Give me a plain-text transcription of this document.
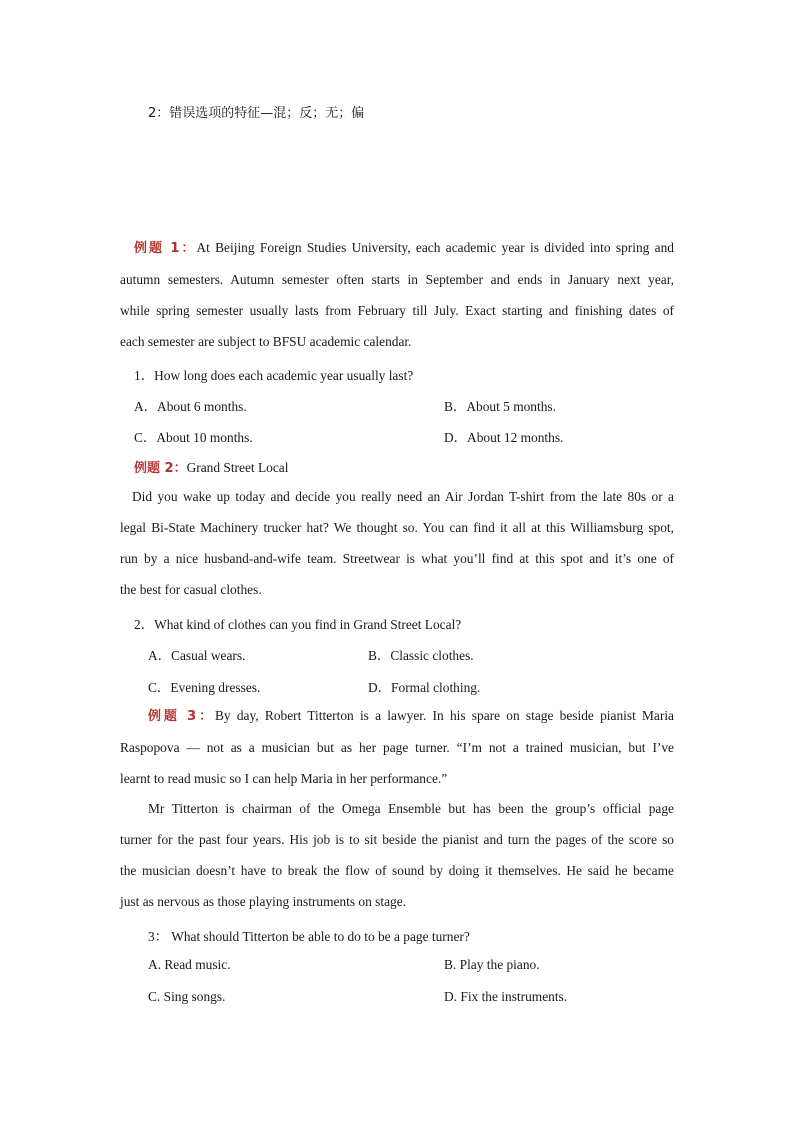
2：错误选项的特征—混；反；无；偏
例题 1：At Beijing Foreign Studies University, each academic year is divided into spring and
autumn semesters. Autumn semester often starts in September and ends in January next year,
while spring semester usually lasts from February till July. Exact starting and finishing dates of
each semester are subject to BFSU academic calendar.
1．How long does each academic year usually last?
A．About 6 months.	B．About 5 months.
C．About 10 months.	D．About 12 months.
例题 2：Grand Street Local
Did you wake up today and decide you really need an Air Jordan T-shirt from the late 80s or a
legal Bi-State Machinery trucker hat? We thought so. You can find it all at this Williamsburg spot,
run by a nice husband-and-wife team. Streetwear is what you’ll find at this spot and it’s one of
the best for casual clothes.
2．What kind of clothes can you find in Grand Street Local?
A．Casual wears.	B．Classic clothes.
C．Evening dresses.	D．Formal clothing.
例题 3：By day, Robert Titterton is a lawyer. In his spare on stage beside pianist Maria
Raspopova — not as a musician but as her page turner. “I’m not a trained musician, but I’ve
learnt to read music so I can help Maria in her performance.”
Mr Titterton is chairman of the Omega Ensemble but has been the group’s official page
turner for the past four years. His job is to sit beside the pianist and turn the pages of the score so
the musician doesn’t have to break the flow of sound by doing it themselves. He said he became
just as nervous as those playing instruments on stage.
3： What should Titterton be able to do to be a page turner?
A. Read music.	B. Play the piano.
C. Sing songs.	D. Fix the instruments.
